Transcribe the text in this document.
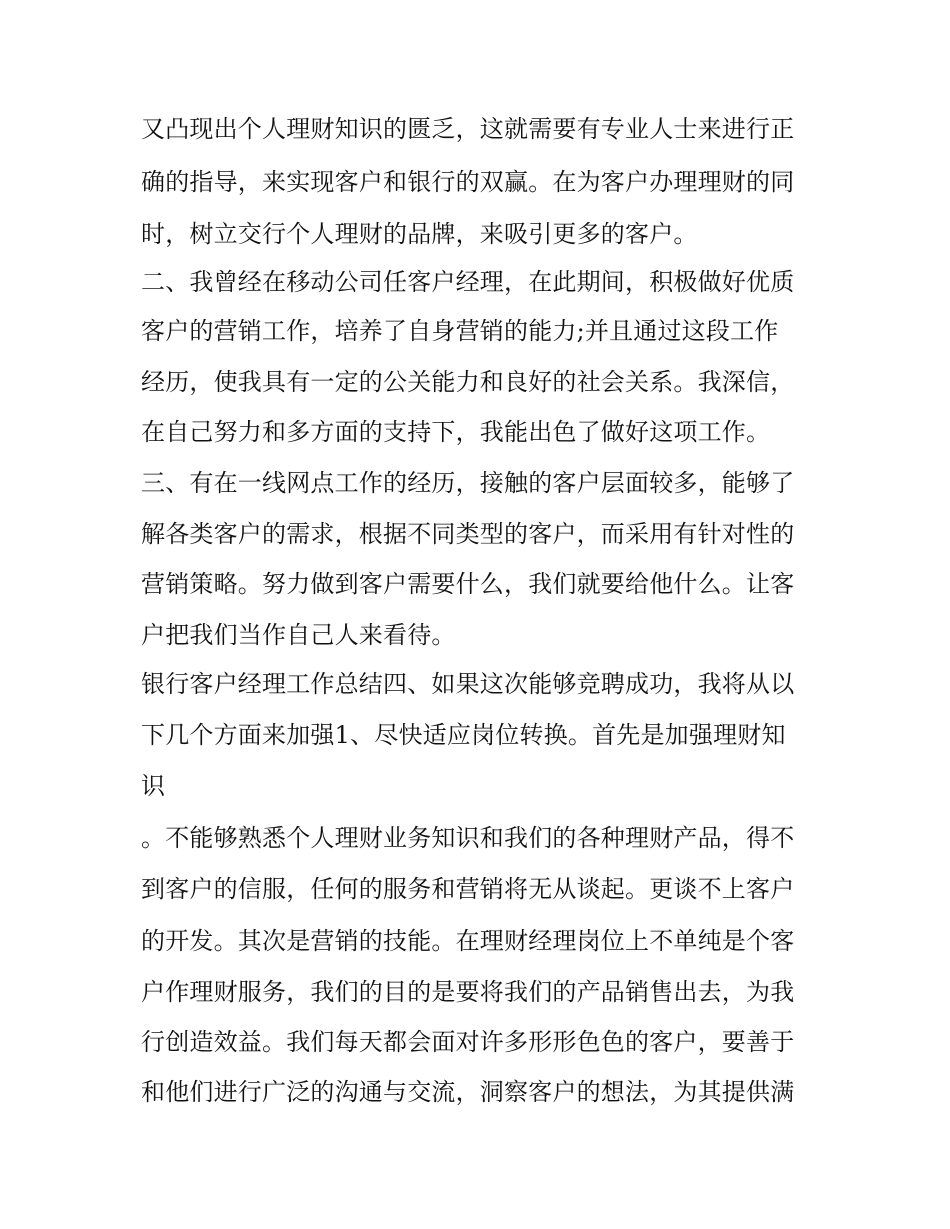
又凸现出个人理财知识的匮乏，这就需要有专业人士来进行正
确的指导，来实现客户和银行的双赢。在为客户办理理财的同
时，树立交行个人理财的品牌，来吸引更多的客户。
二、我曾经在移动公司任客户经理，在此期间，积极做好优质
客户的营销工作，培养了自身营销的能力;并且通过这段工作
经历，使我具有一定的公关能力和良好的社会关系。我深信，
在自己努力和多方面的支持下，我能出色了做好这项工作。
三、有在一线网点工作的经历，接触的客户层面较多，能够了
解各类客户的需求，根据不同类型的客户，而采用有针对性的
营销策略。努力做到客户需要什么，我们就要给他什么。让客
户把我们当作自己人来看待。
银行客户经理工作总结四、如果这次能够竞聘成功，我将从以
下几个方面来加强1、尽快适应岗位转换。首先是加强理财知
识
。不能够熟悉个人理财业务知识和我们的各种理财产品，得不
到客户的信服，任何的服务和营销将无从谈起。更谈不上客户
的开发。其次是营销的技能。在理财经理岗位上不单纯是个客
户作理财服务，我们的目的是要将我们的产品销售出去，为我
行创造效益。我们每天都会面对许多形形色色的客户，要善于
和他们进行广泛的沟通与交流，洞察客户的想法，为其提供满
